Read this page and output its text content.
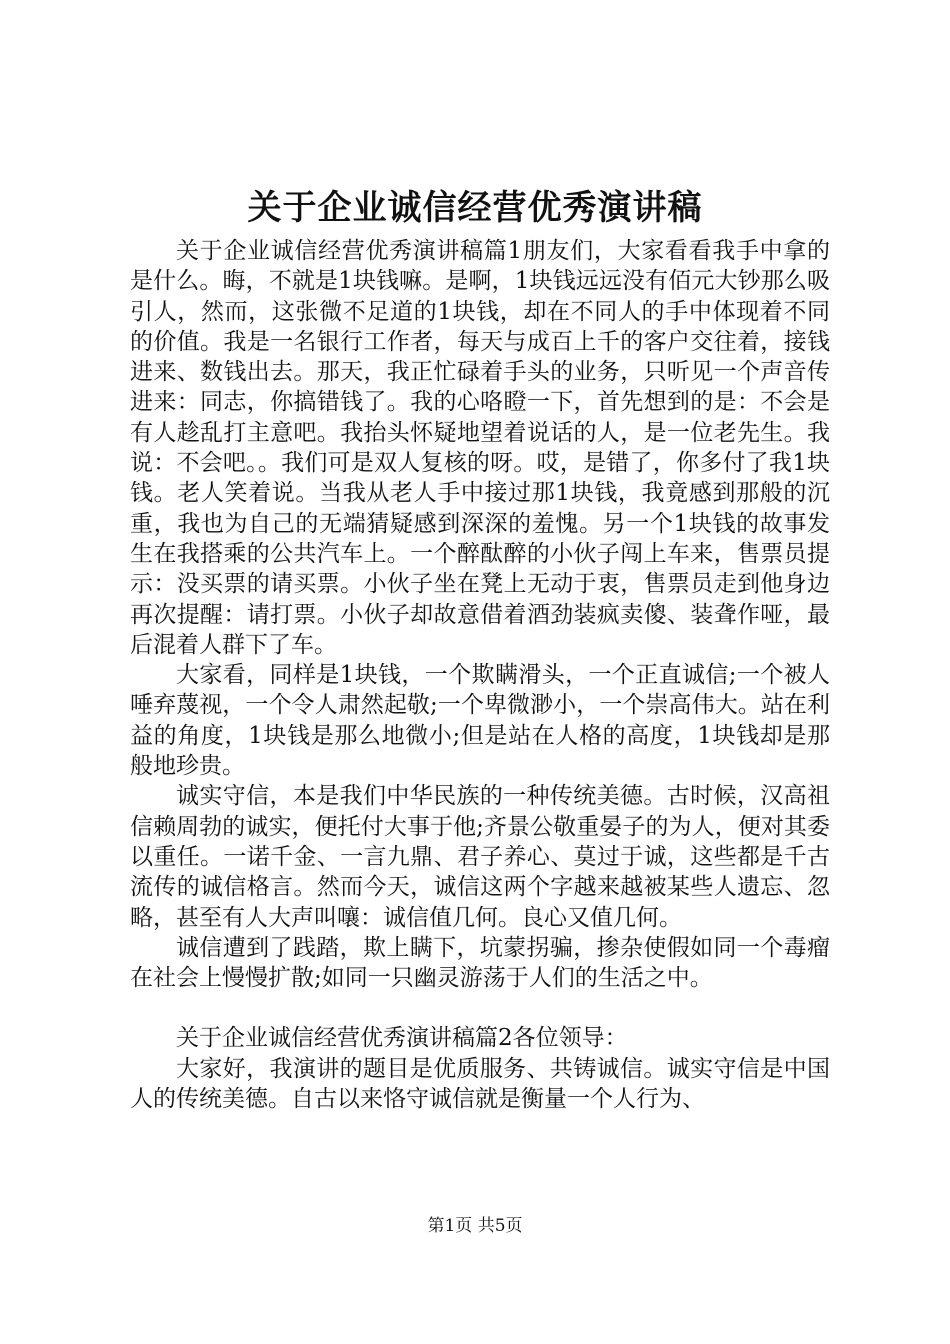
关于企业诚信经营优秀演讲稿

关于企业诚信经营优秀演讲稿篇1朋友们，大家看看我手中拿的是什么。晦，不就是1块钱嘛。是啊，1块钱远远没有佰元大钞那么吸引人，然而，这张微不足道的1块钱，却在不同人的手中体现着不同的价值。我是一名银行工作者，每天与成百上千的客户交往着，接钱进来、数钱出去。那天，我正忙碌着手头的业务，只听见一个声音传进来：同志，你搞错钱了。我的心咯瞪一下，首先想到的是：不会是有人趁乱打主意吧。我抬头怀疑地望着说话的人，是一位老先生。我说：不会吧。。我们可是双人复核的呀。哎，是错了，你多付了我1块钱。老人笑着说。当我从老人手中接过那1块钱，我竟感到那般的沉重，我也为自己的无端猜疑感到深深的羞愧。另一个1块钱的故事发生在我搭乘的公共汽车上。一个醉酞醉的小伙子闯上车来，售票员提示：没买票的请买票。小伙子坐在凳上无动于衷，售票员走到他身边再次提醒：请打票。小伙子却故意借着酒劲装疯卖傻、装聋作哑，最后混着人群下了车。

大家看，同样是1块钱，一个欺瞒滑头，一个正直诚信;一个被人唾弃蔑视，一个令人肃然起敬;一个卑微渺小，一个崇高伟大。站在利益的角度，1块钱是那么地微小;但是站在人格的高度，1块钱却是那般地珍贵。

诚实守信，本是我们中华民族的一种传统美德。古时候，汉高祖信赖周勃的诚实，便托付大事于他;齐景公敬重晏子的为人，便对其委以重任。一诺千金、一言九鼎、君子养心、莫过于诚，这些都是千古流传的诚信格言。然而今天，诚信这两个字越来越被某些人遗忘、忽略，甚至有人大声叫嚷：诚信值几何。良心又值几何。

诚信遭到了践踏，欺上瞒下，坑蒙拐骗，掺杂使假如同一个毒瘤在社会上慢慢扩散;如同一只幽灵游荡于人们的生活之中。

关于企业诚信经营优秀演讲稿篇2各位领导：

大家好，我演讲的题目是优质服务、共铸诚信。诚实守信是中国人的传统美德。自古以来恪守诚信就是衡量一个人行为、

第1页 共5页
